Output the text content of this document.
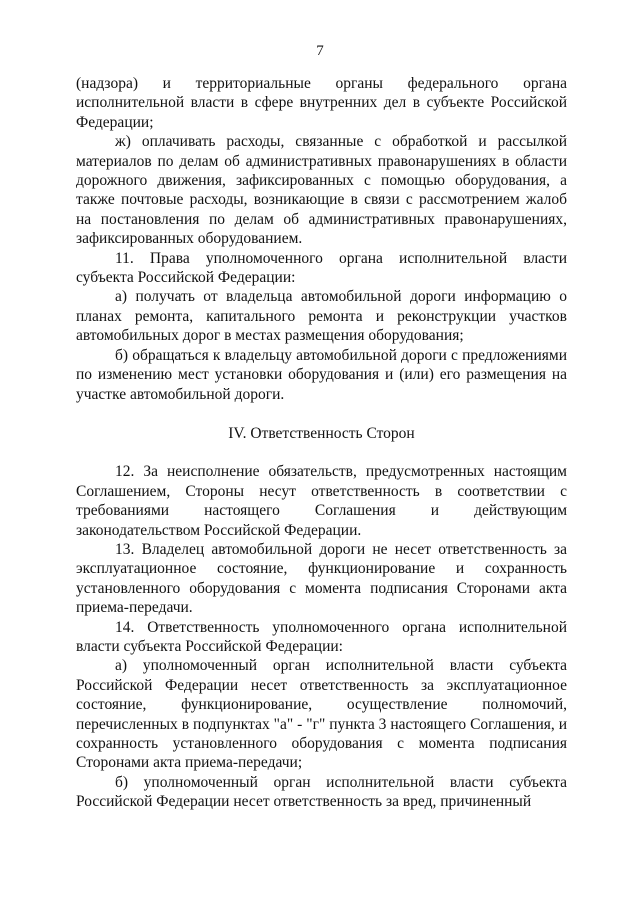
7

(надзора) и территориальные органы федерального органа исполнительной власти в сфере внутренних дел в субъекте Российской Федерации;

ж) оплачивать расходы, связанные с обработкой и рассылкой материалов по делам об административных правонарушениях в области дорожного движения, зафиксированных с помощью оборудования, а также почтовые расходы, возникающие в связи с рассмотрением жалоб на постановления по делам об административных правонарушениях, зафиксированных оборудованием.

11. Права уполномоченного органа исполнительной власти субъекта Российской Федерации:

а) получать от владельца автомобильной дороги информацию о планах ремонта, капитального ремонта и реконструкции участков автомобильных дорог в местах размещения оборудования;

б) обращаться к владельцу автомобильной дороги с предложениями по изменению мест установки оборудования и (или) его размещения на участке автомобильной дороги.

IV. Ответственность Сторон

12. За неисполнение обязательств, предусмотренных настоящим Соглашением, Стороны несут ответственность в соответствии с требованиями настоящего Соглашения и действующим законодательством Российской Федерации.

13. Владелец автомобильной дороги не несет ответственность за эксплуатационное состояние, функционирование и сохранность установленного оборудования с момента подписания Сторонами акта приема-передачи.

14. Ответственность уполномоченного органа исполнительной власти субъекта Российской Федерации:

а) уполномоченный орган исполнительной власти субъекта Российской Федерации несет ответственность за эксплуатационное состояние, функционирование, осуществление полномочий, перечисленных в подпунктах "а" - "г" пункта 3 настоящего Соглашения, и сохранность установленного оборудования с момента подписания Сторонами акта приема-передачи;

б) уполномоченный орган исполнительной власти субъекта Российской Федерации несет ответственность за вред, причиненный
